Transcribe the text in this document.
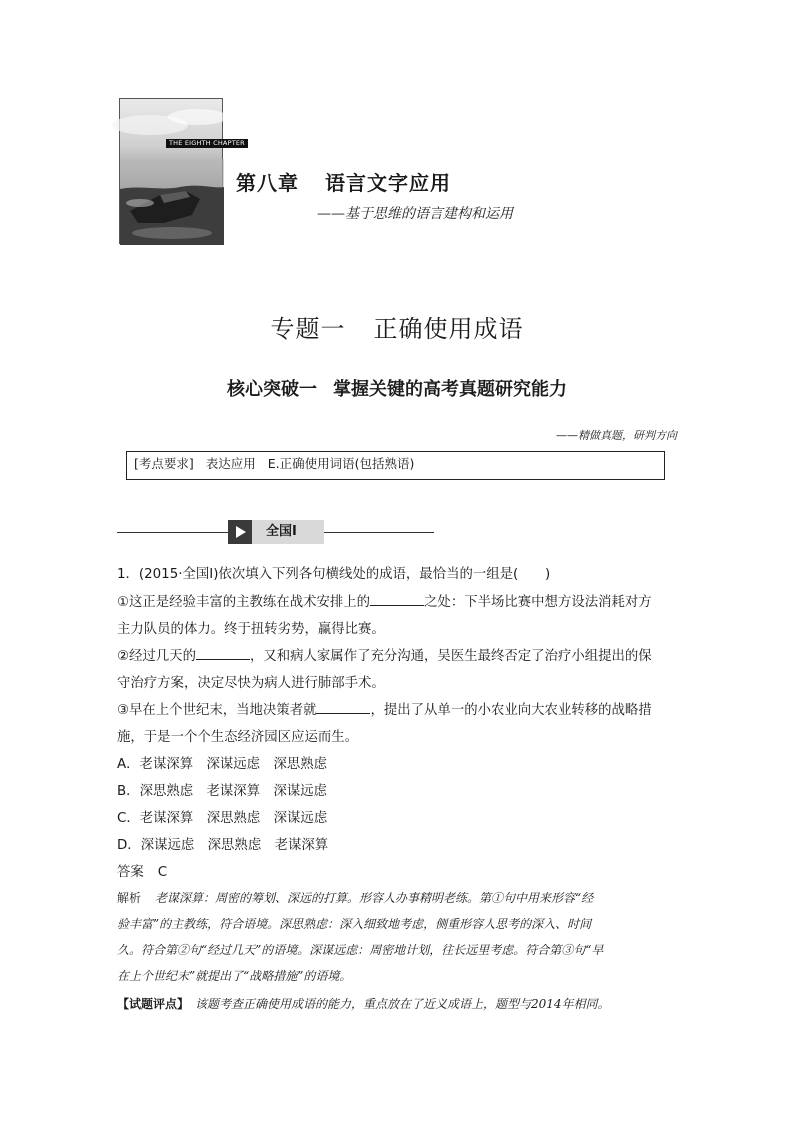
THE EIGHTH CHAPTER
第八章 语言文字应用
——基于思维的语言建构和运用
专题一 正确使用成语
核心突破一 掌握关键的高考真题研究能力
——精做真题，研判方向
[考点要求] 表达应用 E.正确使用词语(包括熟语)
全国Ⅰ
1．(2015·全国Ⅰ)依次填入下列各句横线处的成语，最恰当的一组是(　　)
①这正是经验丰富的主教练在战术安排上的	之处：下半场比赛中想方设法消耗对方
主力队员的体力。终于扭转劣势，赢得比赛。
②经过几天的	，又和病人家属作了充分沟通，吴医生最终否定了治疗小组提出的保
守治疗方案，决定尽快为病人进行肺部手术。
③早在上个世纪末，当地决策者就	，提出了从单一的小农业向大农业转移的战略措
施，于是一个个生态经济园区应运而生。
A．老谋深算　深谋远虑　深思熟虑
B．深思熟虑　老谋深算　深谋远虑
C．老谋深算　深思熟虑　深谋远虑
D．深谋远虑　深思熟虑　老谋深算
答案 C
解析 老谋深算：周密的筹划、深远的打算。形容人办事精明老练。第①句中用来形容“经
验丰富”的主教练，符合语境。深思熟虑：深入细致地考虑，侧重形容人思考的深入、时间
久。符合第②句“经过几天”的语境。深谋远虑：周密地计划，往长远里考虑。符合第③句“早
在上个世纪末”就提出了“战略措施”的语境。
【试题评点】 该题考查正确使用成语的能力，重点放在了近义成语上，题型与2014年相同。
